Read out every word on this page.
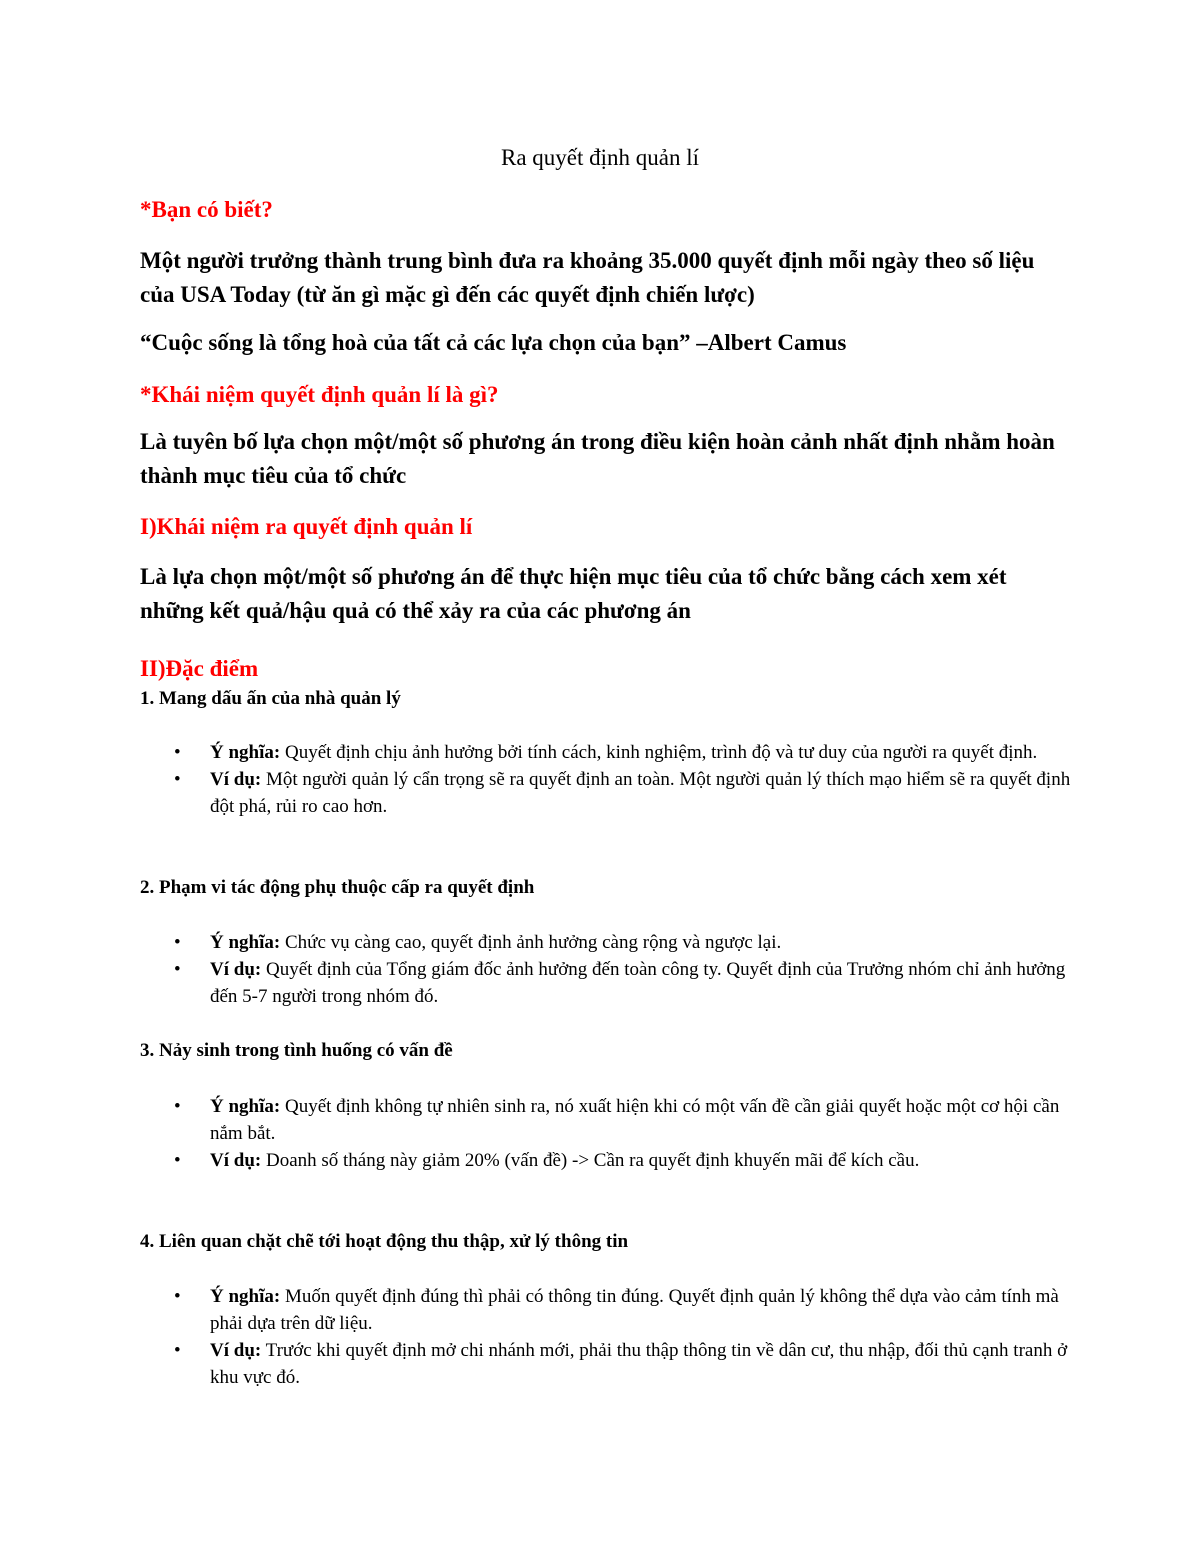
Ra quyết định quản lí
*Bạn có biết?
Một người trưởng thành trung bình đưa ra khoảng 35.000 quyết định mỗi ngày theo số liệu của USA Today (từ ăn gì mặc gì đến các quyết định chiến lược)
“Cuộc sống là tổng hoà của tất cả các lựa chọn của bạn” –Albert Camus
*Khái niệm quyết định quản lí là gì?
Là tuyên bố lựa chọn một/một số phương án trong điều kiện hoàn cảnh nhất định nhằm hoàn thành mục tiêu của tổ chức
I)Khái niệm ra quyết định quản lí
Là lựa chọn một/một số phương án để thực hiện mục tiêu của tổ chức bằng cách xem xét những kết quả/hậu quả có thể xảy ra của các phương án
II)Đặc điểm
1. Mang dấu ấn của nhà quản lý
• Ý nghĩa: Quyết định chịu ảnh hưởng bởi tính cách, kinh nghiệm, trình độ và tư duy của người ra quyết định.
• Ví dụ: Một người quản lý cẩn trọng sẽ ra quyết định an toàn. Một người quản lý thích mạo hiểm sẽ ra quyết định đột phá, rủi ro cao hơn.
2. Phạm vi tác động phụ thuộc cấp ra quyết định
• Ý nghĩa: Chức vụ càng cao, quyết định ảnh hưởng càng rộng và ngược lại.
• Ví dụ: Quyết định của Tổng giám đốc ảnh hưởng đến toàn công ty. Quyết định của Trưởng nhóm chỉ ảnh hưởng đến 5-7 người trong nhóm đó.
3. Nảy sinh trong tình huống có vấn đề
• Ý nghĩa: Quyết định không tự nhiên sinh ra, nó xuất hiện khi có một vấn đề cần giải quyết hoặc một cơ hội cần nắm bắt.
• Ví dụ: Doanh số tháng này giảm 20% (vấn đề) -> Cần ra quyết định khuyến mãi để kích cầu.
4. Liên quan chặt chẽ tới hoạt động thu thập, xử lý thông tin
• Ý nghĩa: Muốn quyết định đúng thì phải có thông tin đúng. Quyết định quản lý không thể dựa vào cảm tính mà phải dựa trên dữ liệu.
• Ví dụ: Trước khi quyết định mở chi nhánh mới, phải thu thập thông tin về dân cư, thu nhập, đối thủ cạnh tranh ở khu vực đó.
